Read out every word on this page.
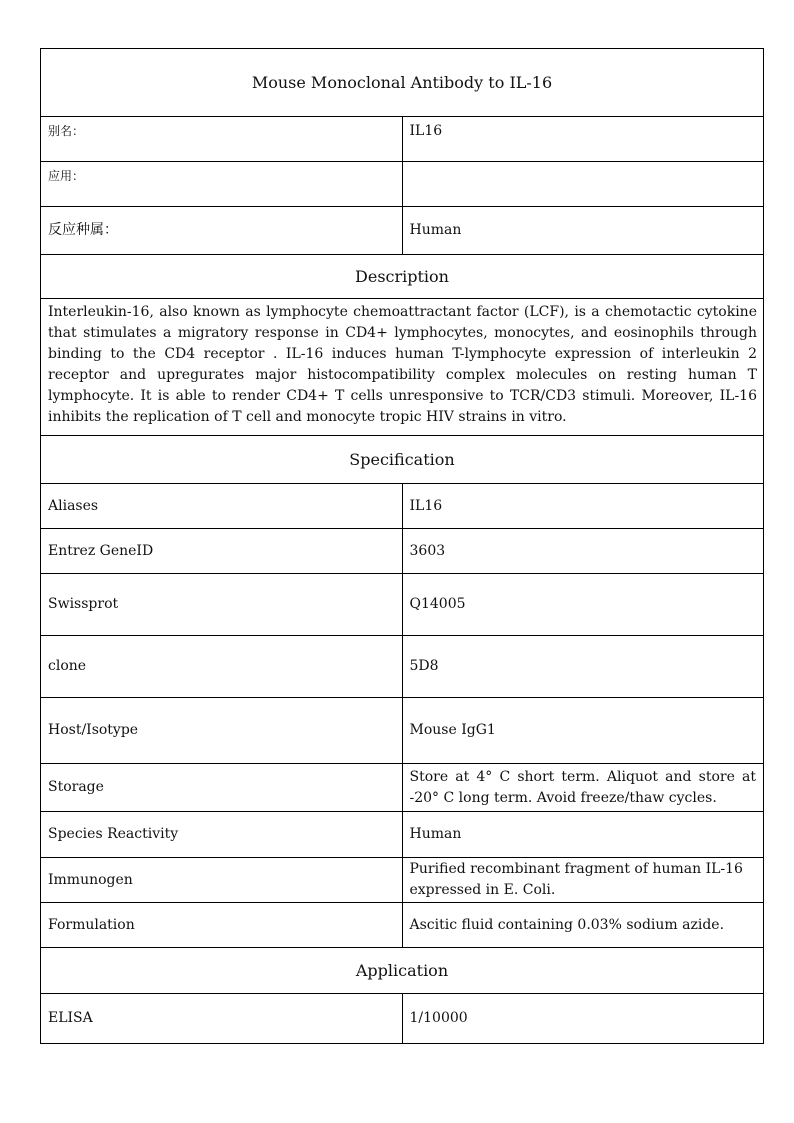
Mouse Monoclonal Antibody to IL-16	
别名：	IL16
应用：	
反应种属：	Human
Description	
Interleukin-16, also known as lymphocyte chemoattractant factor (LCF), is a chemotactic cytokine that stimulates a migratory response in CD4+ lymphocytes, monocytes, and eosinophils through binding to the CD4 receptor . IL-16 induces human T-lymphocyte expression of interleukin 2 receptor and upregurates major histocompatibility complex molecules on resting human T lymphocyte. It is able to render CD4+ T cells unresponsive to TCR/CD3 stimuli. Moreover, IL-16 inhibits the replication of T cell and monocyte tropic HIV strains in vitro.	
Specification	
Aliases	IL16
Entrez GeneID	3603
Swissprot	Q14005
clone	5D8
Host/Isotype	Mouse IgG1
Storage	Store at 4° C short term. Aliquot and store at -20° C long term. Avoid freeze/thaw cycles.
Species Reactivity	Human
Immunogen	Purified recombinant fragment of human IL-16 expressed in E. Coli.
Formulation	Ascitic fluid containing 0.03% sodium azide.
Application	
ELISA	1/10000
